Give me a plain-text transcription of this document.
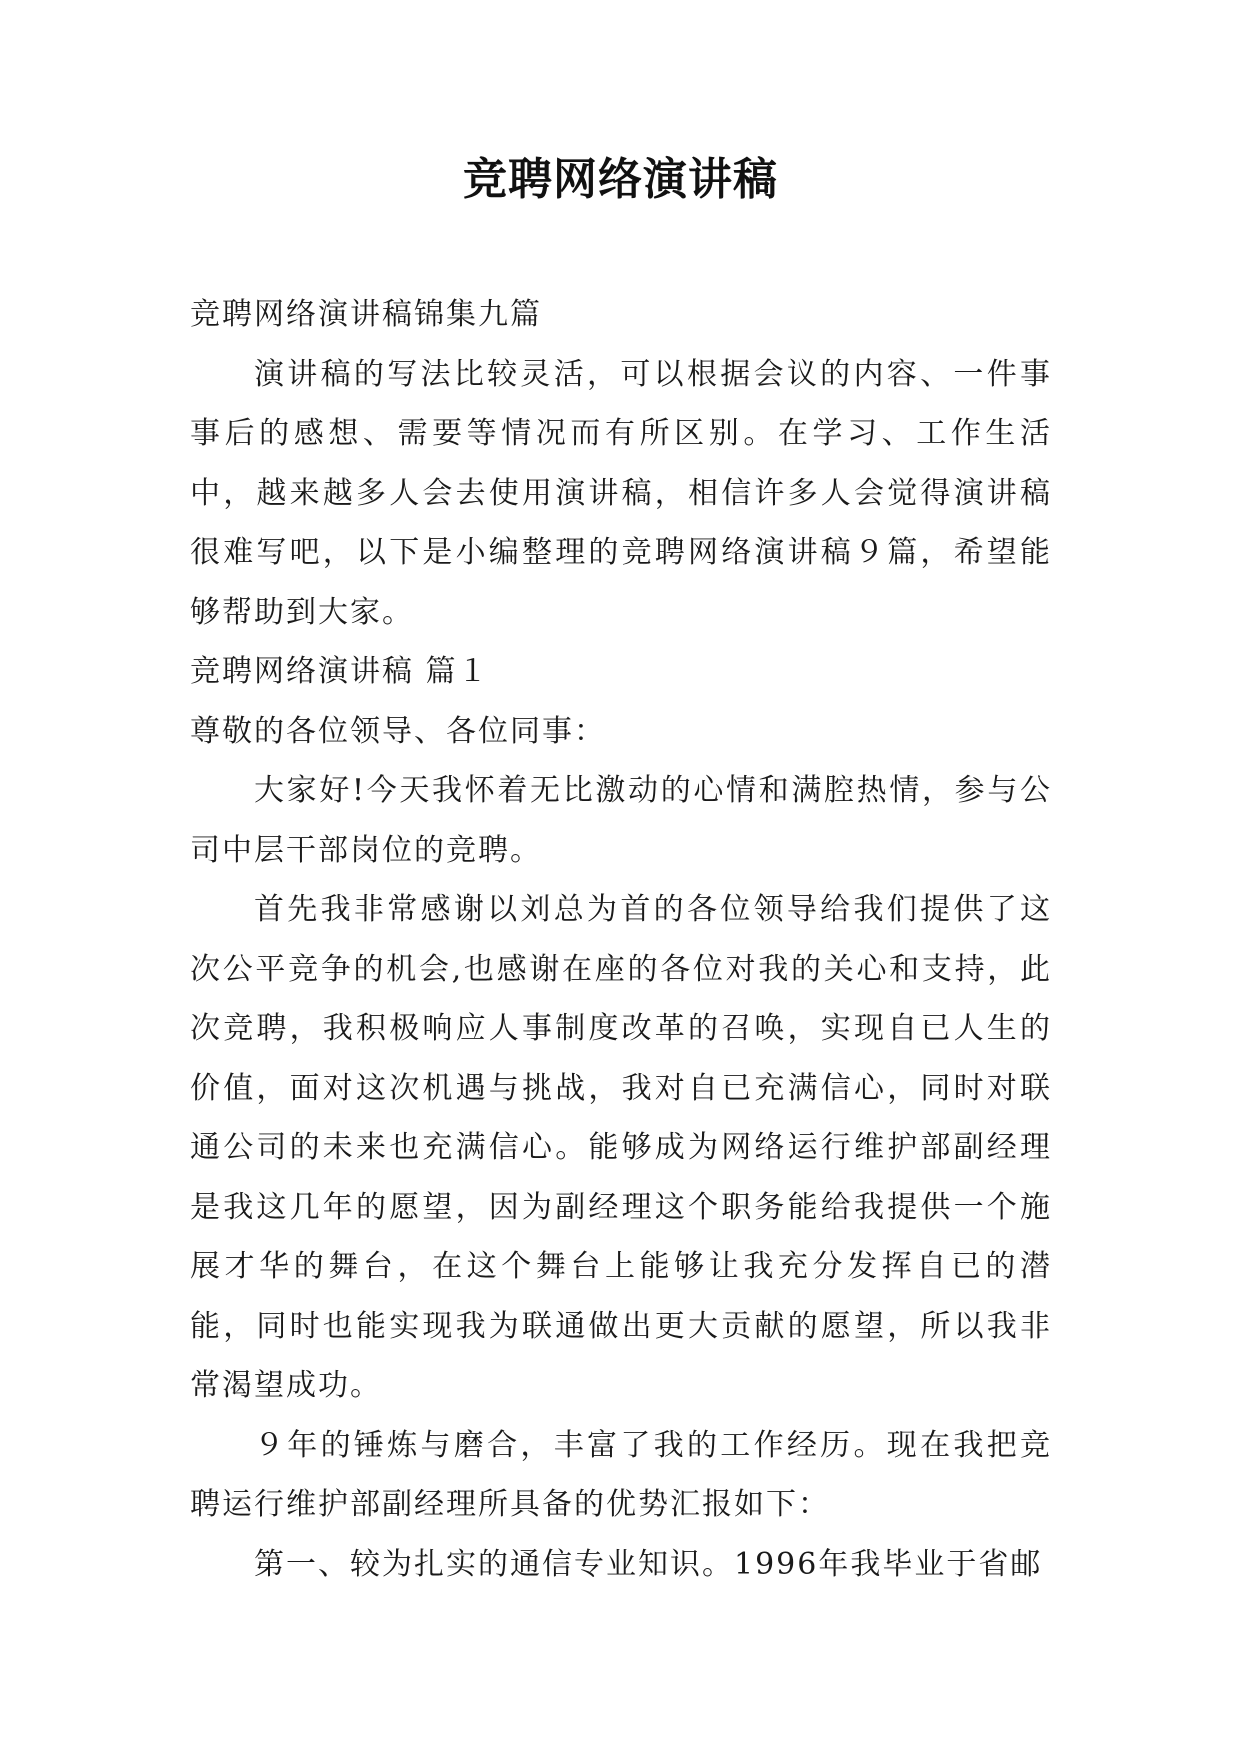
竞聘网络演讲稿

竞聘网络演讲稿锦集九篇

演讲稿的写法比较灵活，可以根据会议的内容、一件事事后的感想、需要等情况而有所区别。在学习、工作生活中，越来越多人会去使用演讲稿，相信许多人会觉得演讲稿很难写吧，以下是小编整理的竞聘网络演讲稿９篇，希望能够帮助到大家。

竞聘网络演讲稿 篇１

尊敬的各位领导、各位同事：

大家好!今天我怀着无比激动的心情和满腔热情，参与公司中层干部岗位的竞聘。

首先我非常感谢以刘总为首的各位领导给我们提供了这次公平竞争的机会,也感谢在座的各位对我的关心和支持，此次竞聘，我积极响应人事制度改革的召唤，实现自已人生的价值，面对这次机遇与挑战，我对自已充满信心，同时对联通公司的未来也充满信心。能够成为网络运行维护部副经理是我这几年的愿望，因为副经理这个职务能给我提供一个施展才华的舞台，在这个舞台上能够让我充分发挥自已的潜能，同时也能实现我为联通做出更大贡献的愿望，所以我非常渴望成功。

９年的锤炼与磨合，丰富了我的工作经历。现在我把竞聘运行维护部副经理所具备的优势汇报如下：

第一、较为扎实的通信专业知识。1996年我毕业于省邮
